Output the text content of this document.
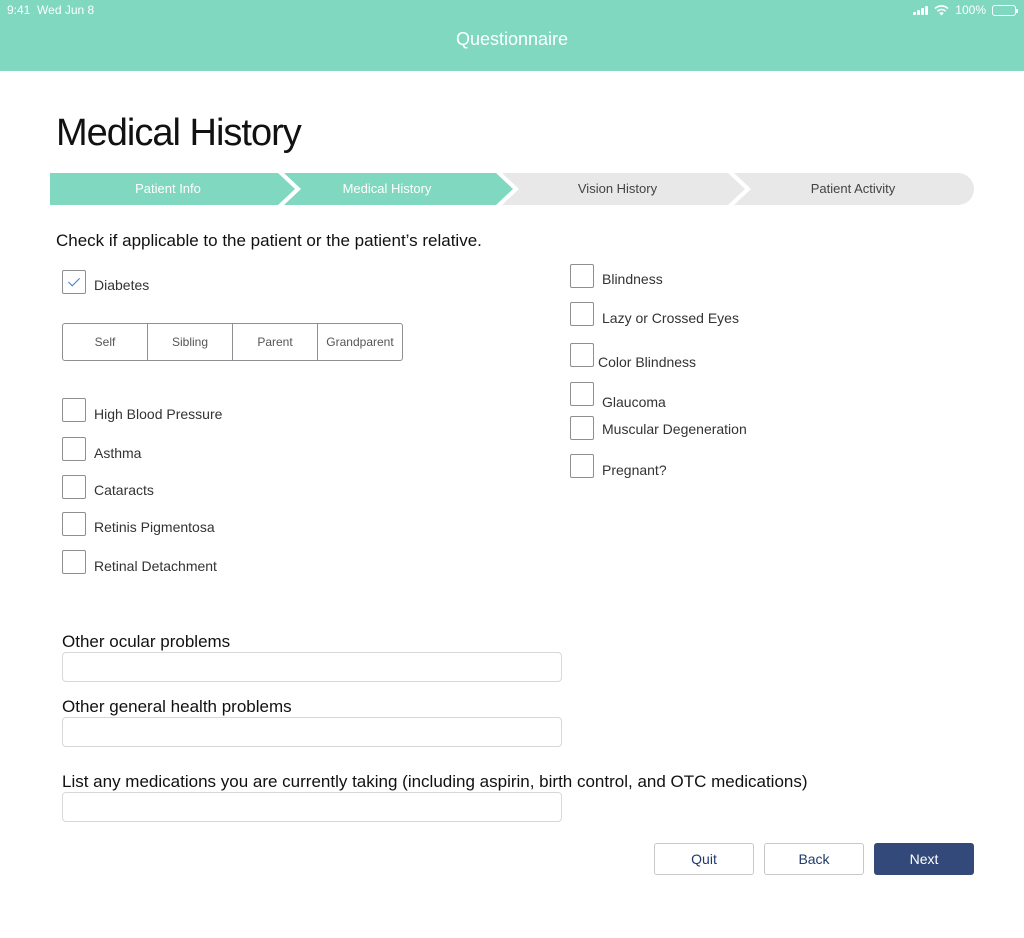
9:41 Wed Jun 8	100%
Questionnaire
Medical History
Patient Info	Medical History	Vision History	Patient Activity
Check if applicable to the patient or the patient’s relative.
Diabetes
Self	Sibling	Parent	Grandparent
High Blood Pressure
Asthma
Cataracts
Retinis Pigmentosa
Retinal Detachment
Blindness
Lazy or Crossed Eyes
Color Blindness
Glaucoma
Muscular Degeneration
Pregnant?
Other ocular problems
Other general health problems
List any medications you are currently taking (including aspirin, birth control, and OTC medications)
Quit	Back	Next
